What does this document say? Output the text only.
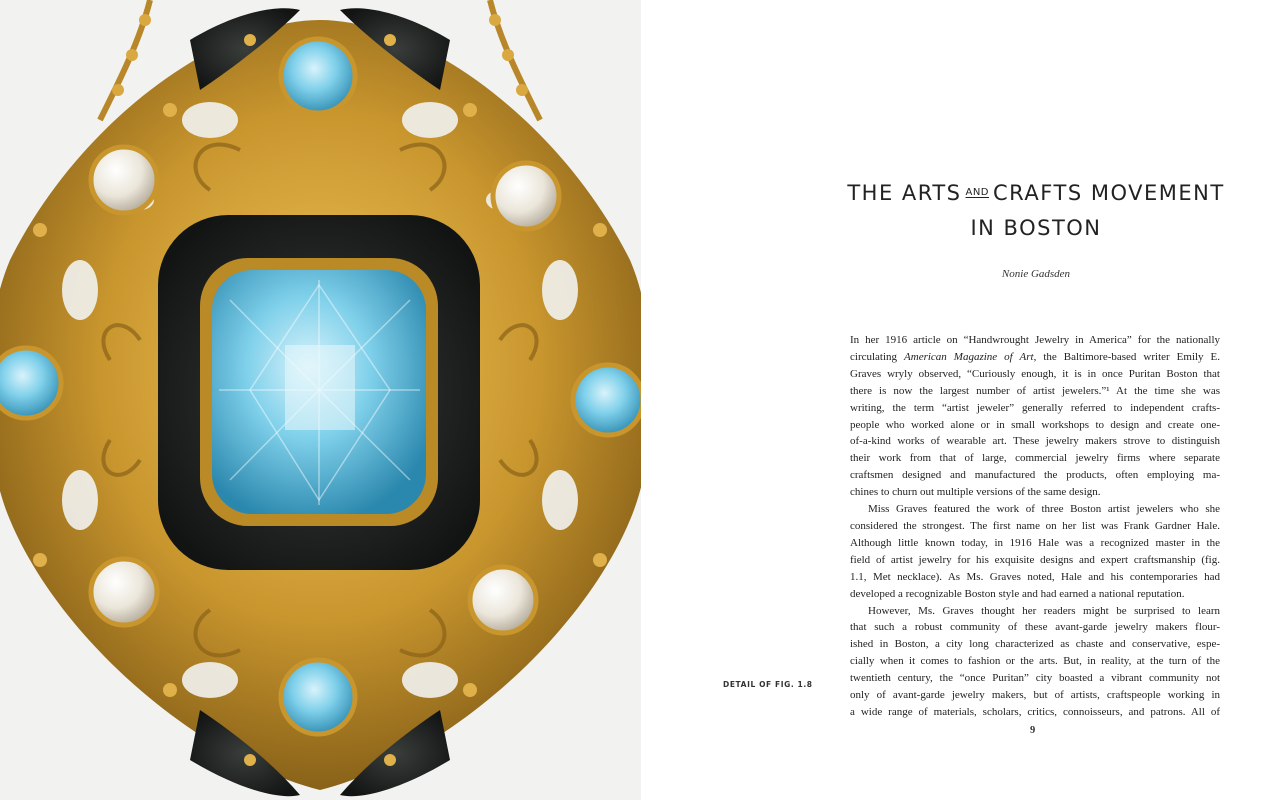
THE ARTS $^{AND}$ CRAFTS MOVEMENT
IN BOSTON
Nonie Gadsden

In her 1916 article on “Handwrought Jewelry in America” for the nationally

circulating American Magazine of Art, the Baltimore-based writer Emily E.

Graves wryly observed, “Curiously enough, it is in once Puritan Boston that

there is now the largest number of artist jewelers.”¹ At the time she was

writing, the term “artist jeweler” generally referred to independent crafts-

people who worked alone or in small workshops to design and create one-

of-a-kind works of wearable art. These jewelry makers strove to distinguish

their work from that of large, commercial jewelry firms where separate

craftsmen designed and manufactured the products, often employing ma-

chines to churn out multiple versions of the same design.

Miss Graves featured the work of three Boston artist jewelers who she

considered the strongest. The first name on her list was Frank Gardner Hale.

Although little known today, in 1916 Hale was a recognized master in the

field of artist jewelry for his exquisite designs and expert craftsmanship (fig.

1.1, Met necklace). As Ms. Graves noted, Hale and his contemporaries had

developed a recognizable Boston style and had earned a national reputation.

However, Ms. Graves thought her readers might be surprised to learn

that such a robust community of these avant-garde jewelry makers flour-

ished in Boston, a city long characterized as chaste and conservative, espe-

cially when it comes to fashion or the arts. But, in reality, at the turn of the

twentieth century, the “once Puritan” city boasted a vibrant community not

only of avant-garde jewelry makers, but of artists, craftspeople working in

a wide range of materials, scholars, critics, connoisseurs, and patrons. All of

DETAIL OF FIG. 1.8
9
